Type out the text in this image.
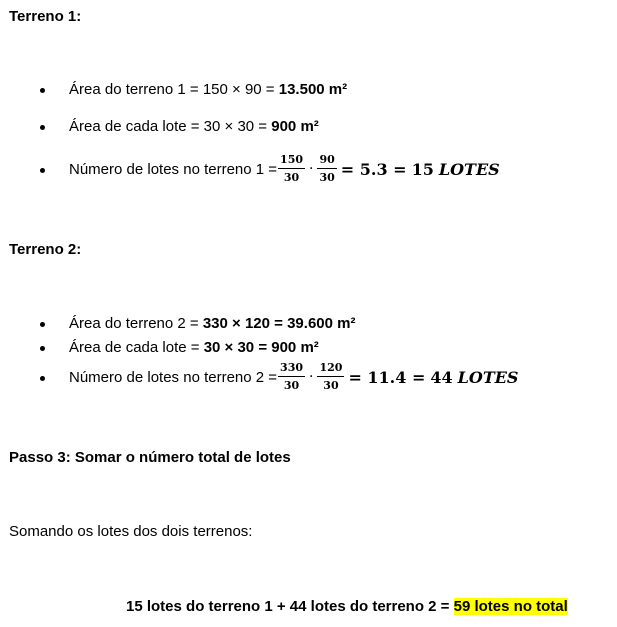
Terreno 1:
Área do terreno 1 = 150 × 90 = 13.500 m²
Área de cada lote = 30 × 30 = 900 m²
Número de lotes no terreno $1 = \frac{150}{30} \cdot \frac{90}{30} = 5.3 = 15$ LOTES
Terreno 2:
Área do terreno 2 = 330 × 120 = 39.600 m²
Área de cada lote = 30 × 30 = 900 m²
Número de lotes no terreno $2 = \frac{330}{30} \cdot \frac{120}{30} = 11.4 = 44$ LOTES
Passo 3: Somar o número total de lotes
Somando os lotes dos dois terrenos:
15 lotes do terreno 1 + 44 lotes do terreno 2 = 59 lotes no total
